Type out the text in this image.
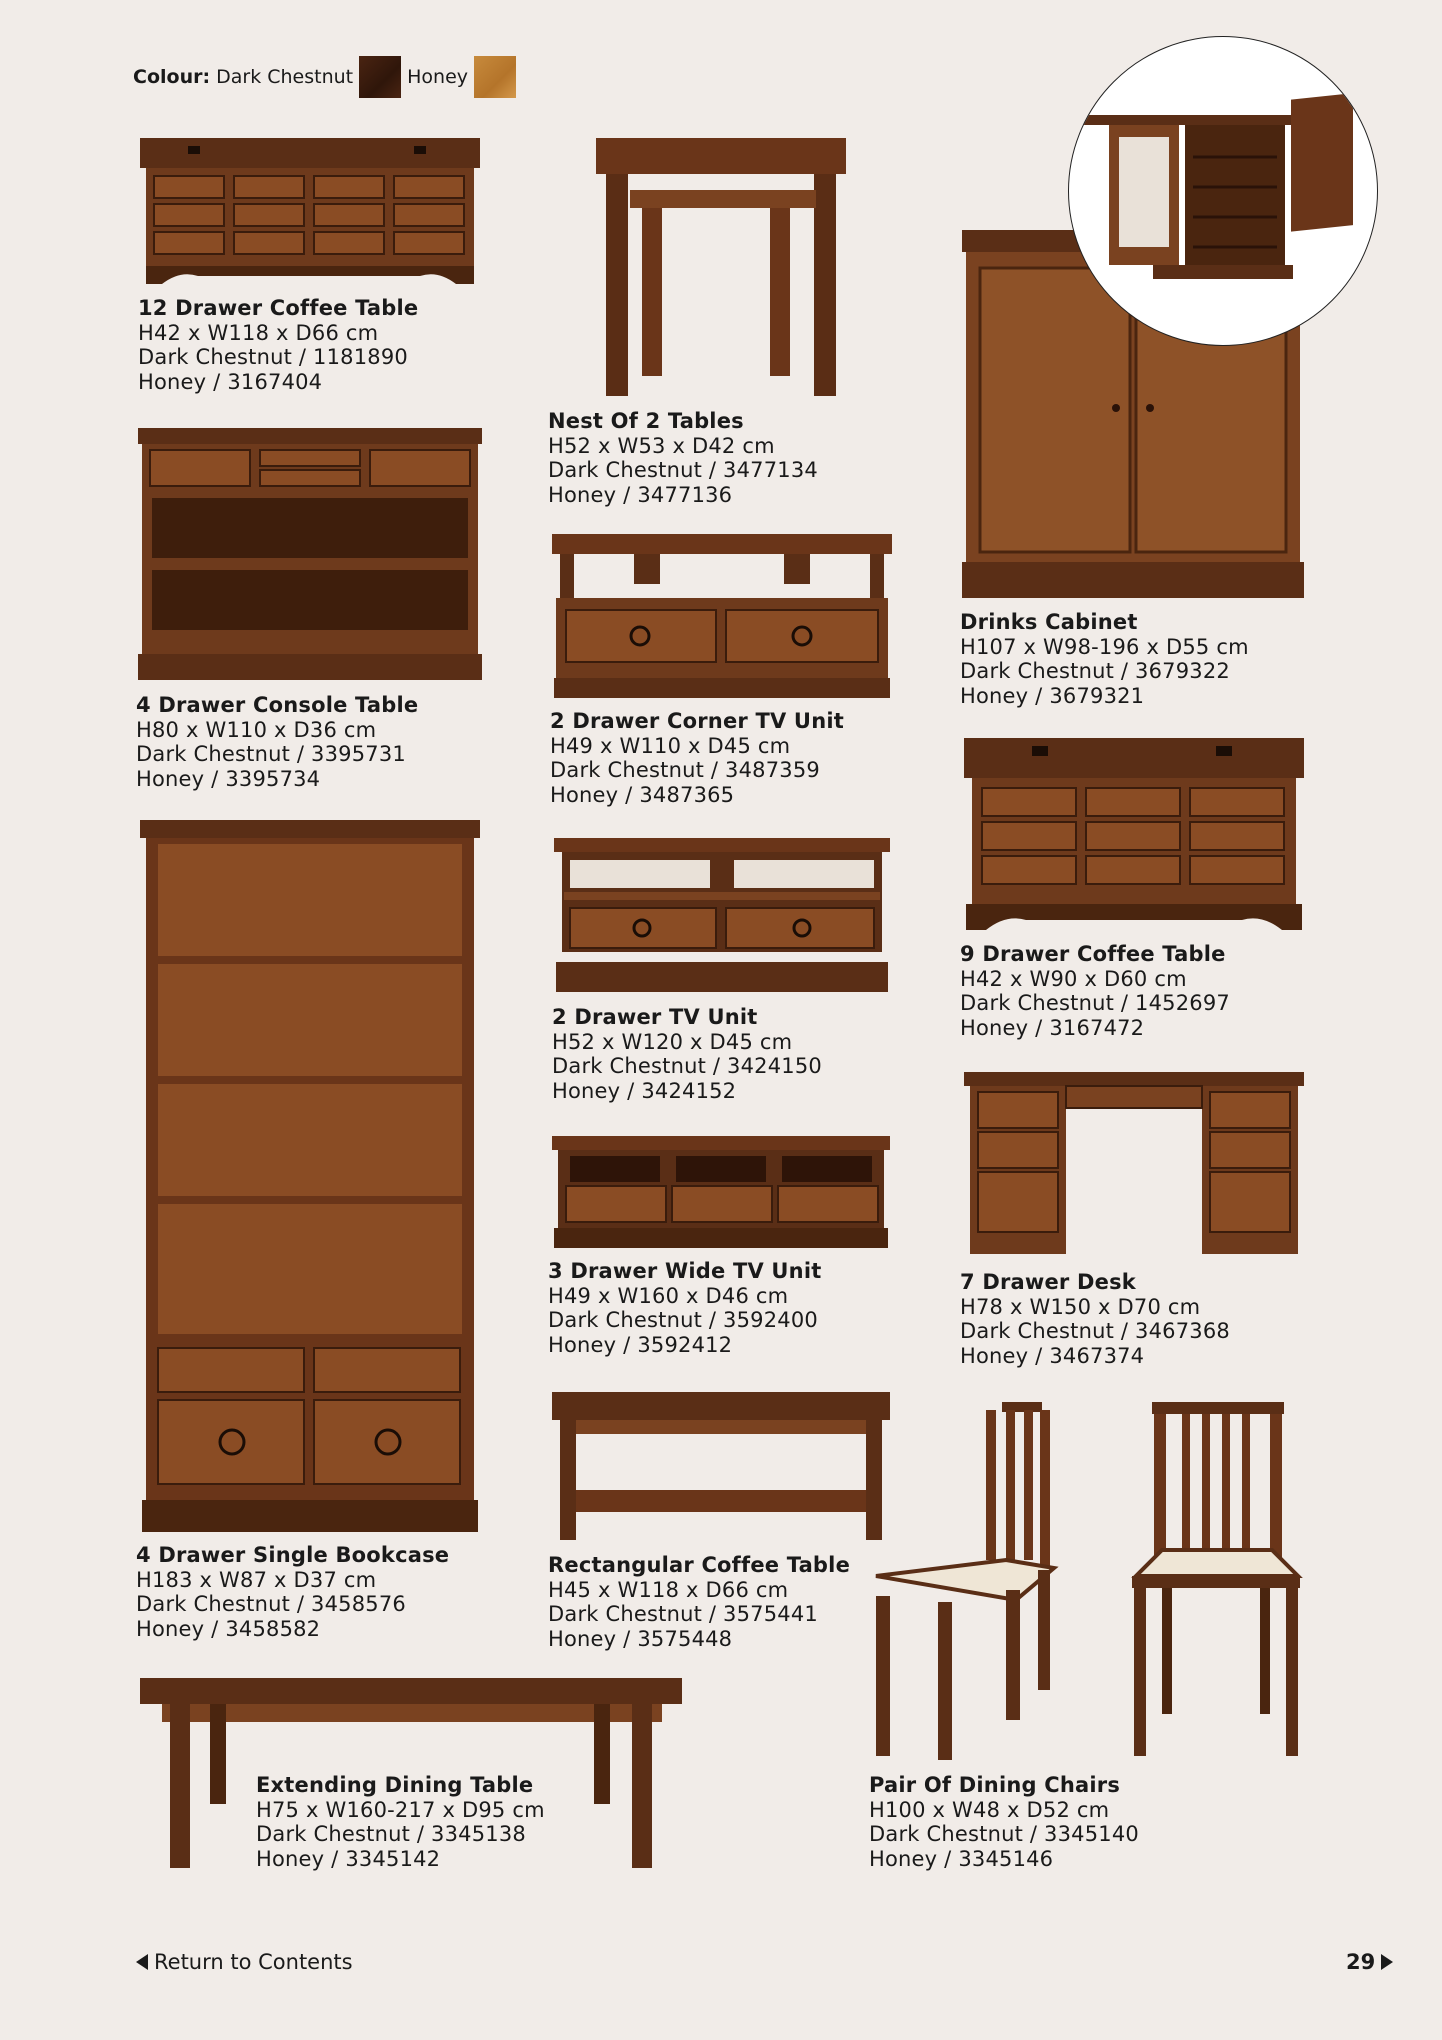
Colour:
Dark Chestnut	Honey
12 Drawer Coffee Table
H42 x W118 x D66 cm
Dark Chestnut / 1181890
Honey / 3167404
Nest Of 2 Tables
H52 x W53 x D42 cm
Dark Chestnut / 3477134
Honey / 3477136
Drinks Cabinet
H107 x W98-196 x D55 cm
Dark Chestnut / 3679322
Honey / 3679321
4 Drawer Console Table
H80 x W110 x D36 cm
Dark Chestnut / 3395731
Honey / 3395734
2 Drawer Corner TV Unit
H49 x W110 x D45 cm
Dark Chestnut / 3487359
Honey / 3487365
9 Drawer Coffee Table
H42 x W90 x D60 cm
Dark Chestnut / 1452697
Honey / 3167472
2 Drawer TV Unit
H52 x W120 x D45 cm
Dark Chestnut / 3424150
Honey / 3424152
3 Drawer Wide TV Unit
H49 x W160 x D46 cm
Dark Chestnut / 3592400
Honey / 3592412
7 Drawer Desk
H78 x W150 x D70 cm
Dark Chestnut / 3467368
Honey / 3467374
4 Drawer Single Bookcase
H183 x W87 x D37 cm
Dark Chestnut / 3458576
Honey / 3458582
Rectangular Coffee Table
H45 x W118 x D66 cm
Dark Chestnut / 3575441
Honey / 3575448
Extending Dining Table
H75 x W160-217 x D95 cm
Dark Chestnut / 3345138
Honey / 3345142
Pair Of Dining Chairs
H100 x W48 x D52 cm
Dark Chestnut / 3345140
Honey / 3345146
Return to Contents	29
